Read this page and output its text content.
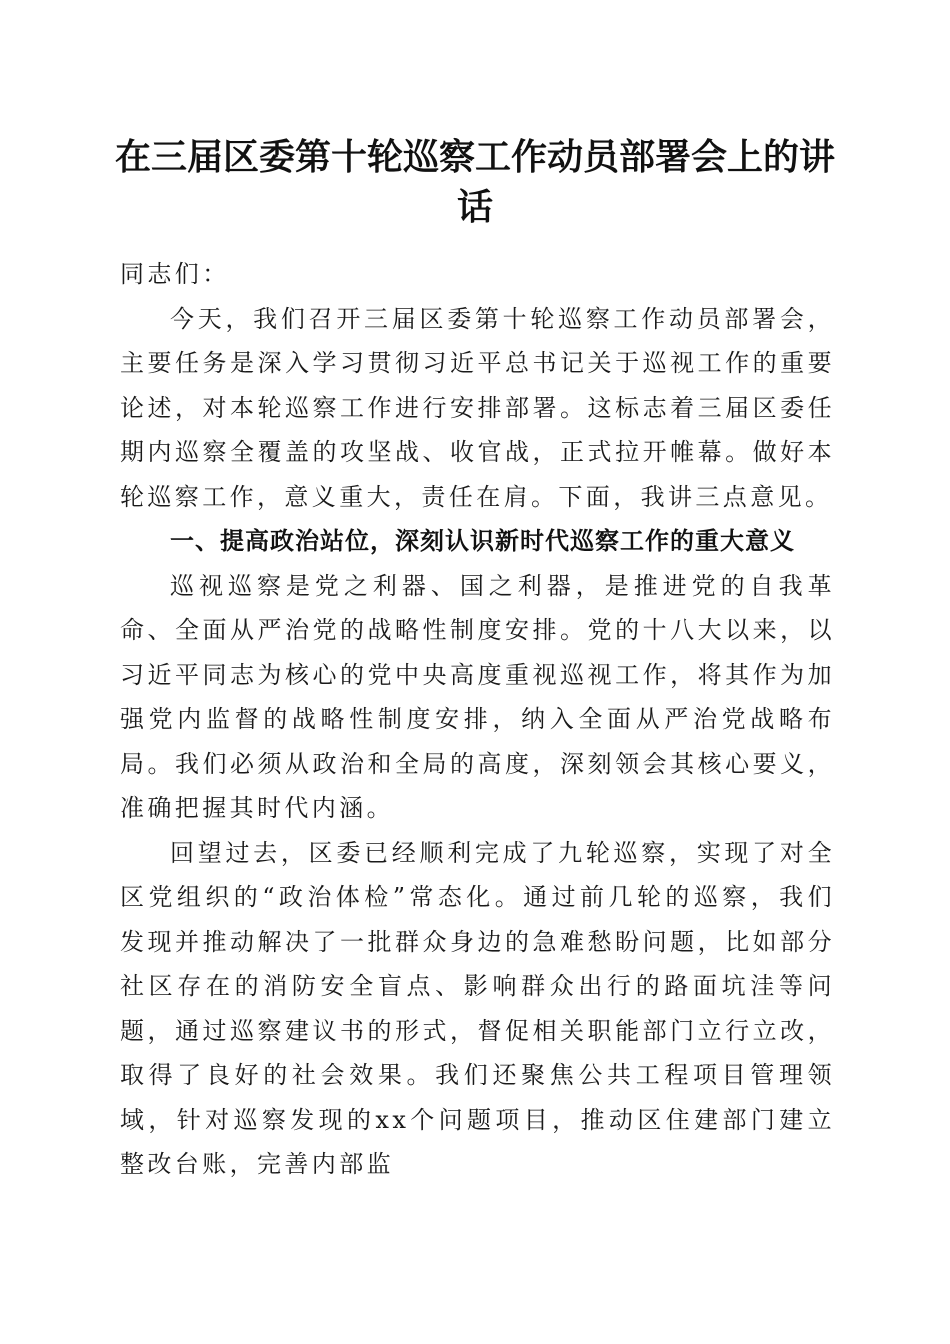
在三届区委第十轮巡察工作动员部署会上的讲话

同志们：

今天，我们召开三届区委第十轮巡察工作动员部署会，主要任务是深入学习贯彻习近平总书记关于巡视工作的重要论述，对本轮巡察工作进行安排部署。这标志着三届区委任期内巡察全覆盖的攻坚战、收官战，正式拉开帷幕。做好本轮巡察工作，意义重大，责任在肩。下面，我讲三点意见。

一、提高政治站位，深刻认识新时代巡察工作的重大意义

巡视巡察是党之利器、国之利器，是推进党的自我革命、全面从严治党的战略性制度安排。党的十八大以来，以习近平同志为核心的党中央高度重视巡视工作，将其作为加强党内监督的战略性制度安排，纳入全面从严治党战略布局。我们必须从政治和全局的高度，深刻领会其核心要义，准确把握其时代内涵。

回望过去，区委已经顺利完成了九轮巡察，实现了对全区党组织的“政治体检”常态化。通过前几轮的巡察，我们发现并推动解决了一批群众身边的急难愁盼问题，比如部分社区存在的消防安全盲点、影响群众出行的路面坑洼等问题，通过巡察建议书的形式，督促相关职能部门立行立改，取得了良好的社会效果。我们还聚焦公共工程项目管理领域，针对巡察发现的xx个问题项目，推动区住建部门建立整改台账，完善内部监
